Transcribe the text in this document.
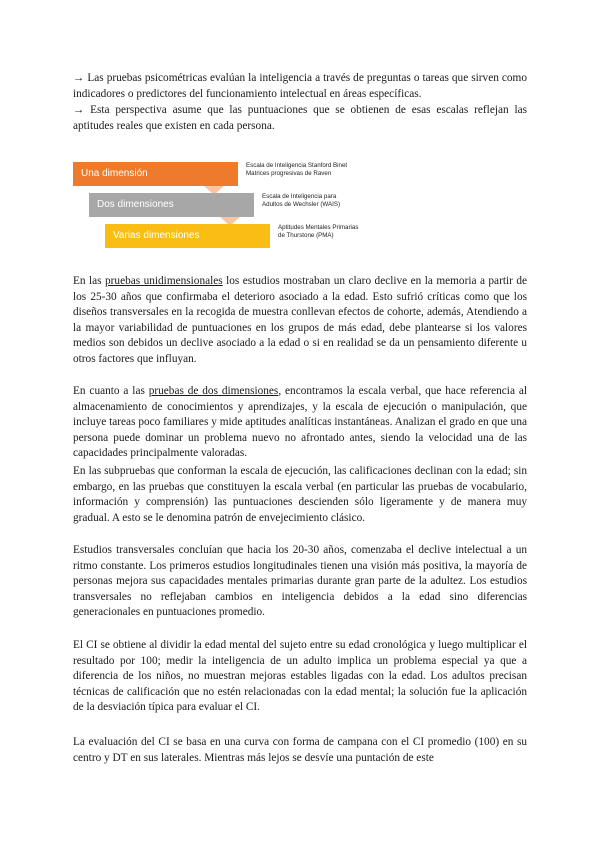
→ Las pruebas psicométricas evalúan la inteligencia a través de preguntas o tareas que sirven como indicadores o predictores del funcionamiento intelectual en áreas específicas.

→ Esta perspectiva asume que las puntuaciones que se obtienen de esas escalas reflejan las aptitudes reales que existen en cada persona.

Una dimensión
Dos dimensiones
Varias dimensiones
Escala de Inteligencia Stanford Binet
Matrices progresivas de Raven
Escala de Inteligencia para
Adultos de Wechsler (WAIS)
Aptitudes Mentales Primarias
de Thurstone (PMA)

En las pruebas unidimensionales los estudios mostraban un claro declive en la memoria a partir de los 25-30 años que confirmaba el deterioro asociado a la edad. Esto sufrió críticas como que los diseños transversales en la recogida de muestra conllevan efectos de cohorte, además, Atendiendo a la mayor variabilidad de puntuaciones en los grupos de más edad, debe plantearse si los valores medios son debidos un declive asociado a la edad o si en realidad se da un pensamiento diferente u otros factores que influyan.

En cuanto a las pruebas de dos dimensiones, encontramos la escala verbal, que hace referencia al almacenamiento de conocimientos y aprendizajes, y la escala de ejecución o manipulación, que incluye tareas poco familiares y mide aptitudes analíticas instantáneas. Analizan el grado en que una persona puede dominar un problema nuevo no afrontado antes, siendo la velocidad una de las capacidades principalmente valoradas.

En las subpruebas que conforman la escala de ejecución, las calificaciones declinan con la edad; sin embargo, en las pruebas que constituyen la escala verbal (en particular las pruebas de vocabulario, información y comprensión) las puntuaciones descienden sólo ligeramente y de manera muy gradual. A esto se le denomina patrón de envejecimiento clásico.

Estudios transversales concluían que hacia los 20-30 años, comenzaba el declive intelectual a un ritmo constante. Los primeros estudios longitudinales tienen una visión más positiva, la mayoría de personas mejora sus capacidades mentales primarias durante gran parte de la adultez. Los estudios transversales no reflejaban cambios en inteligencia debidos a la edad sino diferencias generacionales en puntuaciones promedio.

El CI se obtiene al dividir la edad mental del sujeto entre su edad cronológica y luego multiplicar el resultado por 100; medir la inteligencia de un adulto implica un problema especial ya que a diferencia de los niños, no muestran mejoras estables ligadas con la edad. Los adultos precisan técnicas de calificación que no estén relacionadas con la edad mental; la solución fue la aplicación de la desviación típica para evaluar el CI.

La evaluación del CI se basa en una curva con forma de campana con el CI promedio (100) en su centro y DT en sus laterales. Mientras más lejos se desvíe una puntación de este
